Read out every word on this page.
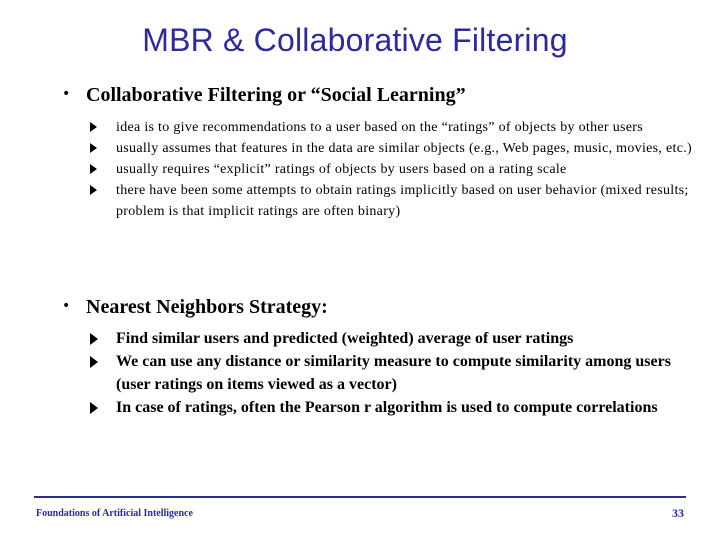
MBR & Collaborative Filtering
• Collaborative Filtering or “Social Learning”
idea is to give recommendations to a user based on the “ratings” of objects by other users
usually assumes that features in the data are similar objects (e.g., Web pages, music, movies, etc.)
usually requires “explicit” ratings of objects by users based on a rating scale
there have been some attempts to obtain ratings implicitly based on user behavior (mixed results; problem is that implicit ratings are often binary)
• Nearest Neighbors Strategy:
Find similar users and predicted (weighted) average of user ratings
We can use any distance or similarity measure to compute similarity among users (user ratings on items viewed as a vector)
In case of ratings, often the Pearson r algorithm is used to compute correlations
Foundations of Artificial Intelligence	33
